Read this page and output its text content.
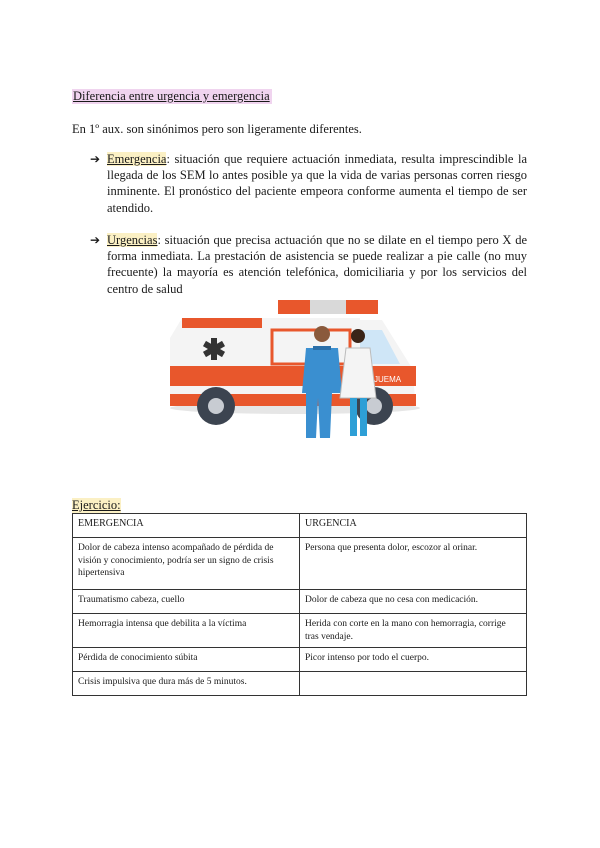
Diferencia entre urgencia y emergencia
En 1º aux. son sinónimos pero son ligeramente diferentes.
➔ Emergencia: situación que requiere actuación inmediata, resulta imprescindible la llegada de los SEM lo antes posible ya que la vida de varias personas corren riesgo inminente. El pronóstico del paciente empeora conforme aumenta el tiempo de ser atendido.
➔ Urgencias: situación que precisa actuación que no se dilate en el tiempo pero X de forma inmediata. La prestación de asistencia se puede realizar a pie calle (no muy frecuente) la mayoría es atención telefónica, domiciliaria y por los servicios del centro de salud
JUEMA
Ejercicio:
EMERGENCIA	URGENCIA
Dolor de cabeza intenso acompañado de pérdida de visión y conocimiento, podría ser un signo de crisis hipertensiva	Persona que presenta dolor, escozor al orinar.
Traumatismo cabeza, cuello	Dolor de cabeza que no cesa con medicación.
Hemorragia intensa que debilita a la víctima	Herida con corte en la mano con hemorragia, corrige tras vendaje.
Pérdida de conocimiento súbita	Picor intenso por todo el cuerpo.
Crisis impulsiva que dura más de 5 minutos.	
